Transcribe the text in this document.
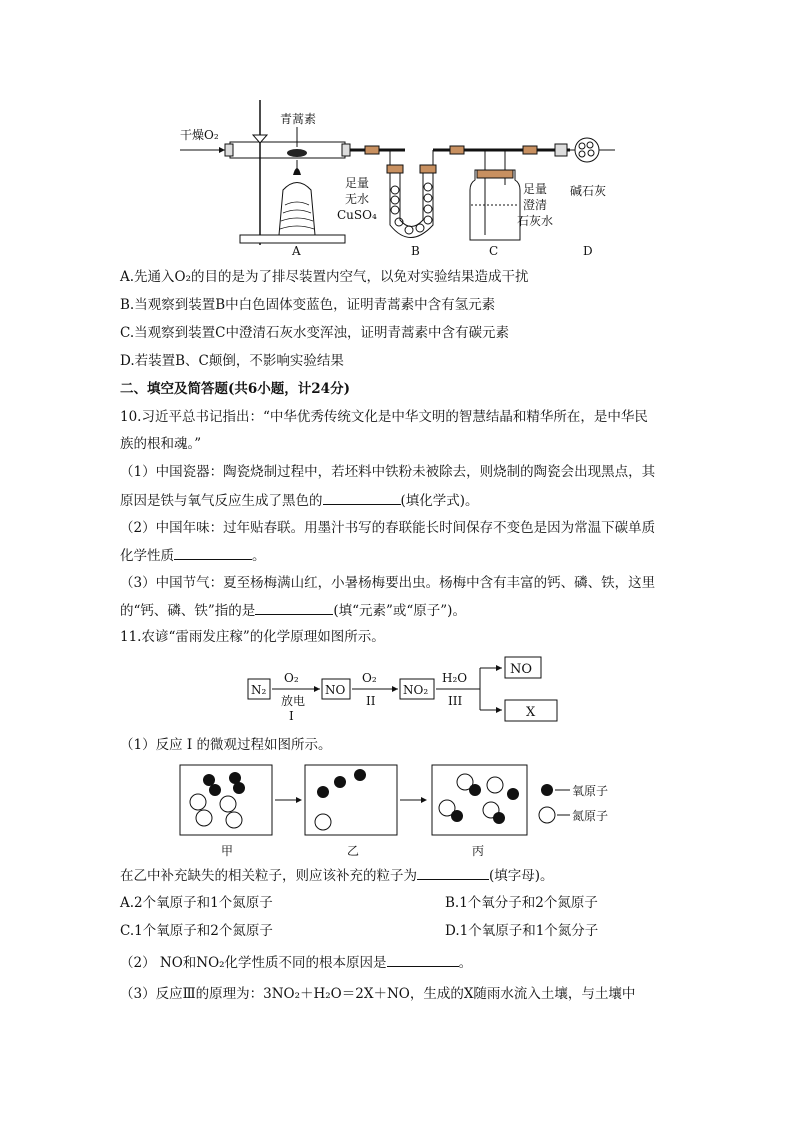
干燥O₂
青蒿素
足量
无水
CuSO₄
足量
澄清
石灰水
碱石灰
A	B	C	D
A.先通入O₂的目的是为了排尽装置内空气，以免对实验结果造成干扰
B.当观察到装置B中白色固体变蓝色，证明青蒿素中含有氢元素
C.当观察到装置C中澄清石灰水变浑浊，证明青蒿素中含有碳元素
D.若装置B、C颠倒，不影响实验结果
二、填空及简答题(共6小题，计24分)
10.习近平总书记指出：“中华优秀传统文化是中华文明的智慧结晶和精华所在，是中华民
族的根和魂。”
（1）中国瓷器：陶瓷烧制过程中，若坯料中铁粉未被除去，则烧制的陶瓷会出现黑点，其
原因是铁与氧气反应生成了黑色的	(填化学式)。
（2）中国年味：过年贴春联。用墨汁书写的春联能长时间保存不变色是因为常温下碳单质
化学性质	。
（3）中国节气：夏至杨梅满山红，小暑杨梅要出虫。杨梅中含有丰富的钙、磷、铁，这里
的“钙、磷、铁”指的是	(填“元素”或“原子”)。
11.农谚“雷雨发庄稼”的化学原理如图所示。
N₂
O₂
放电
I
NO
O₂
II
NO₂
H₂O
III
NO
X
（1）反应 I 的微观过程如图所示。
甲	乙	丙
氧原子
氮原子
在乙中补充缺失的相关粒子，则应该补充的粒子为	(填字母)。
A.2个氧原子和1个氮原子	B.1个氧分子和2个氮原子
C.1个氧原子和2个氮原子	D.1个氧原子和1个氮分子
（2） NO和NO₂化学性质不同的根本原因是	。
（3）反应Ⅲ的原理为：3NO₂＋H₂O＝2X＋NO，生成的X随雨水流入土壤，与土壤中
